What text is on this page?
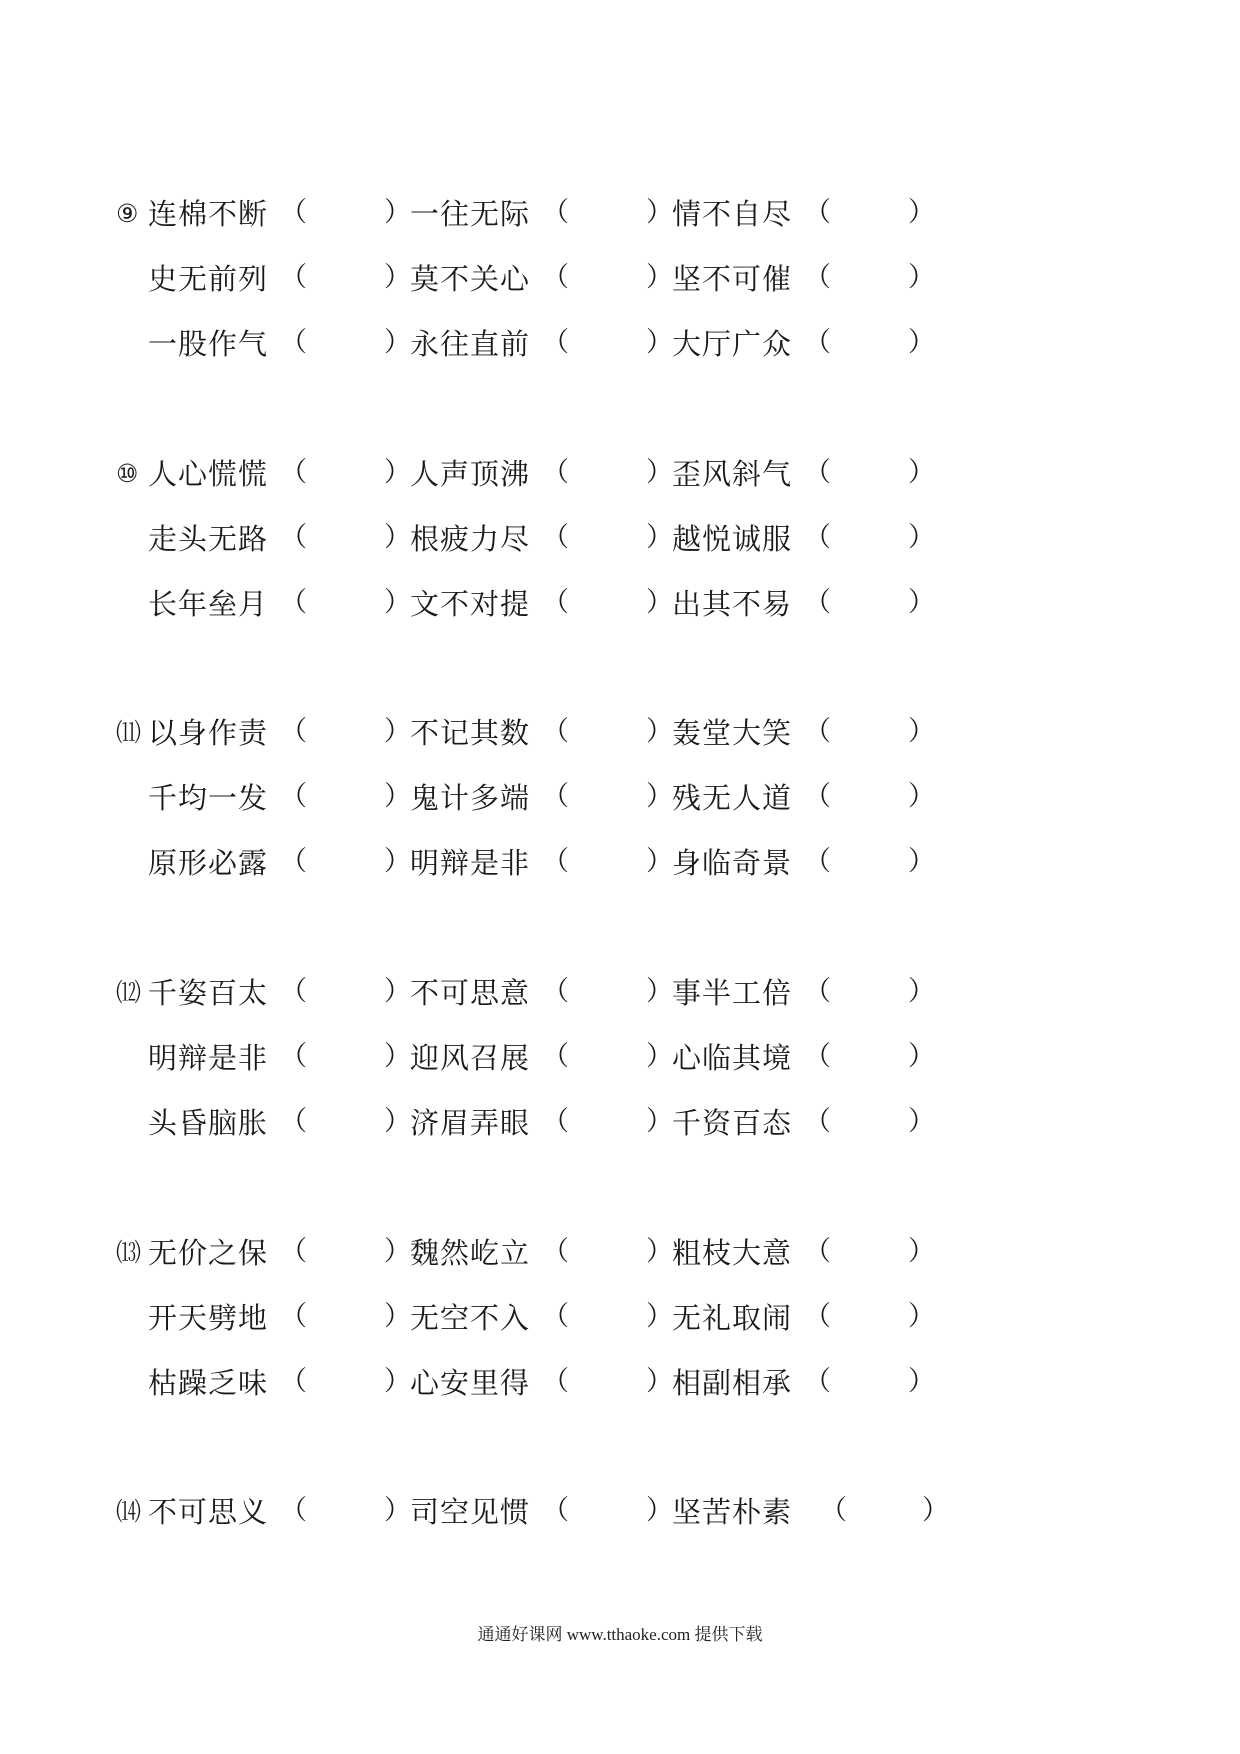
⑨ 连棉不断 （	） 一往无际 （	） 情不自尽 （	）
史无前列 （	） 莫不关心 （	） 坚不可催 （	）
一股作气 （	） 永往直前 （	） 大厅广众 （	）
⑩ 人心慌慌 （	） 人声顶沸 （	） 歪风斜气 （	）
走头无路 （	） 根疲力尽 （	） 越悦诚服 （	）
长年垒月 （	） 文不对提 （	） 出其不易 （	）
⑾ 以身作责 （	） 不记其数 （	） 轰堂大笑 （	）
千均一发 （	） 鬼计多端 （	） 残无人道 （	）
原形必露 （	） 明辩是非 （	） 身临奇景 （	）
⑿ 千姿百太 （	） 不可思意 （	） 事半工倍 （	）
明辩是非 （	） 迎风召展 （	） 心临其境 （	）
头昏脑胀 （	） 济眉弄眼 （	） 千资百态 （	）
⒀ 无价之保 （	） 魏然屹立 （	） 粗枝大意 （	）
开天劈地 （	） 无空不入 （	） 无礼取闹 （	）
枯躁乏味 （	） 心安里得 （	） 相副相承 （	）
⒁ 不可思义 （	） 司空见惯 （	） 坚苦朴素 （	）
通通好课网 www.tthaoke.com 提供下载
